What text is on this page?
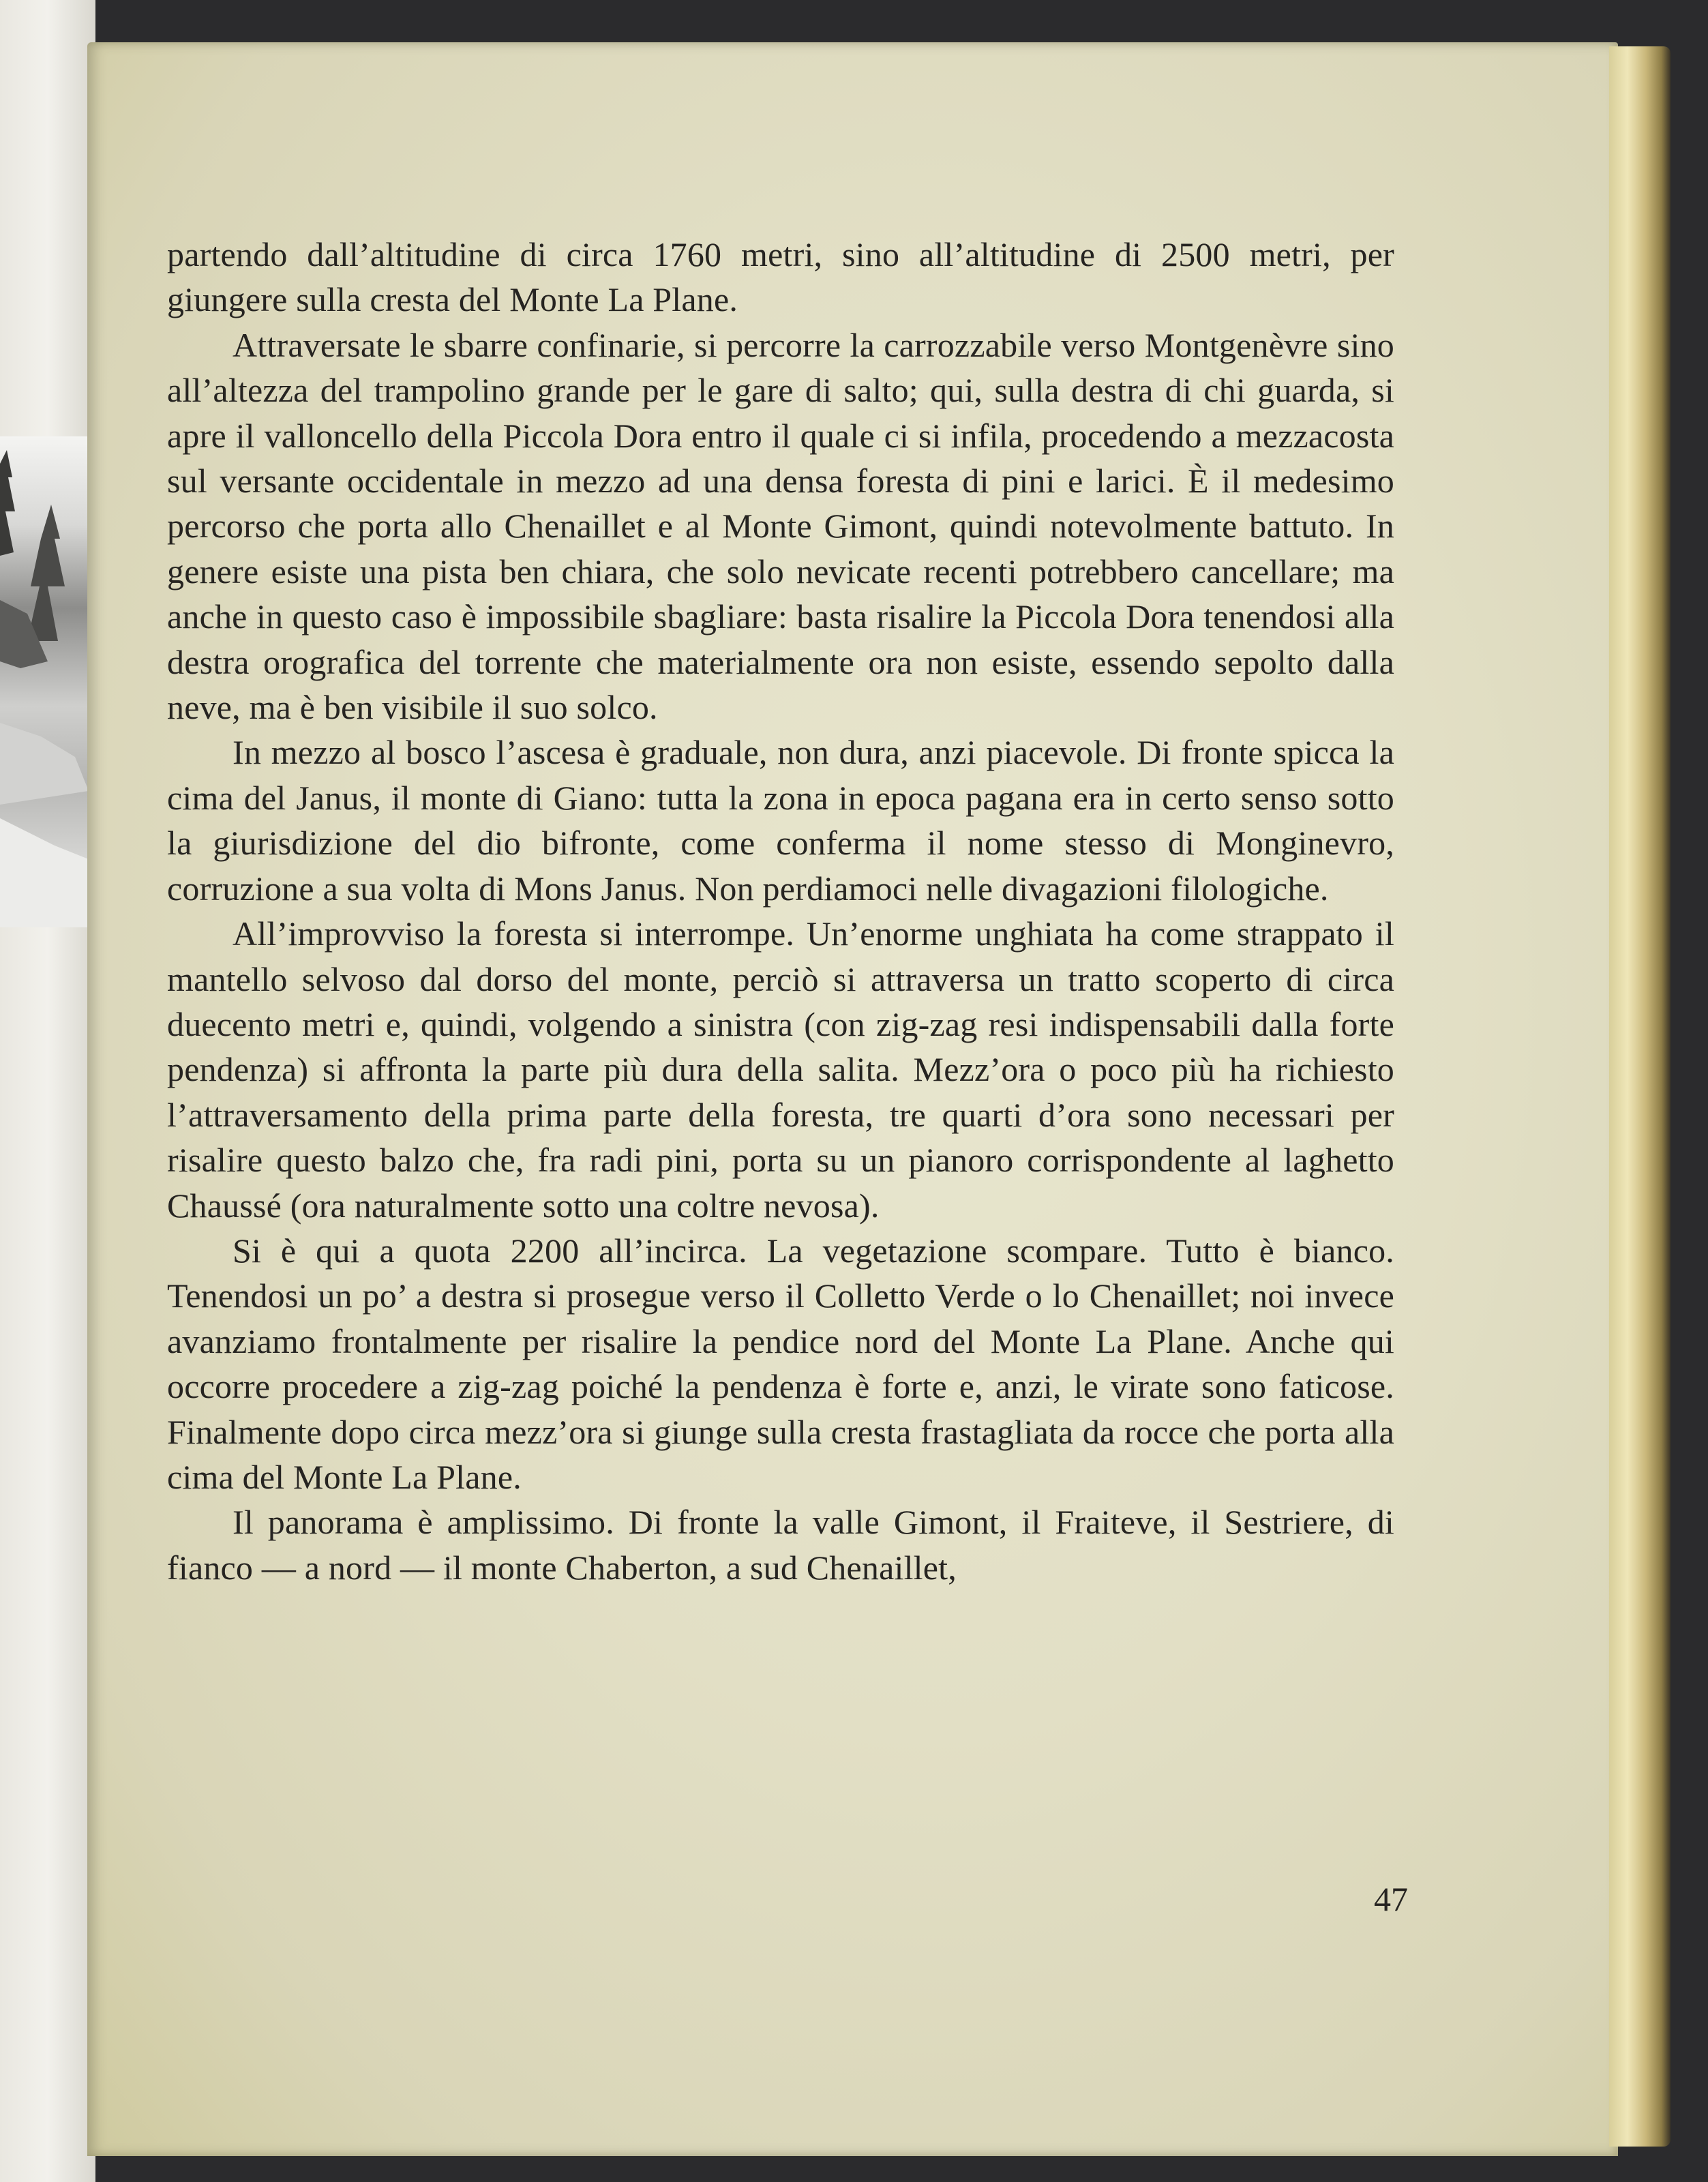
partendo dall’altitudine di circa 1760 metri, sino all’altitudine di 2500 metri, per giungere sulla cresta del Monte La Plane.

Attraversate le sbarre confinarie, si percorre la carrozzabile verso Montgenèvre sino all’altezza del trampolino grande per le gare di salto; qui, sulla destra di chi guarda, si apre il valloncello della Piccola Dora entro il quale ci si infila, procedendo a mezzacosta sul versante occidentale in mezzo ad una densa foresta di pini e larici. È il medesimo percorso che porta allo Chenaillet e al Monte Gimont, quindi notevolmente battuto. In genere esiste una pista ben chiara, che solo nevicate recenti potrebbero cancellare; ma anche in questo caso è impossibile sbagliare: basta risalire la Piccola Dora tenendosi alla destra orografica del torrente che materialmente ora non esiste, essendo sepolto dalla neve, ma è ben visibile il suo solco.

In mezzo al bosco l’ascesa è graduale, non dura, anzi piacevole. Di fronte spicca la cima del Janus, il monte di Giano: tutta la zona in epoca pagana era in certo senso sotto la giurisdizione del dio bifronte, come conferma il nome stesso di Monginevro, corruzione a sua volta di Mons Janus. Non perdiamoci nelle divagazioni filologiche.

All’improvviso la foresta si interrompe. Un’enorme unghiata ha come strappato il mantello selvoso dal dorso del monte, perciò si attraversa un tratto scoperto di circa duecento metri e, quindi, volgendo a sinistra (con zig-zag resi indispensabili dalla forte pendenza) si affronta la parte più dura della salita. Mezz’ora o poco più ha richiesto l’attraversamento della prima parte della foresta, tre quarti d’ora sono necessari per risalire questo balzo che, fra radi pini, porta su un pianoro corrispondente al laghetto Chaussé (ora naturalmente sotto una coltre nevosa).

Si è qui a quota 2200 all’incirca. La vegetazione scompare. Tutto è bianco. Tenendosi un po’ a destra si prosegue verso il Colletto Verde o lo Chenaillet; noi invece avanziamo frontalmente per risalire la pendice nord del Monte La Plane. Anche qui occorre procedere a zig-zag poiché la pendenza è forte e, anzi, le virate sono faticose. Finalmente dopo circa mezz’ora si giunge sulla cresta frastagliata da rocce che porta alla cima del Monte La Plane.

Il panorama è amplissimo. Di fronte la valle Gimont, il Fraiteve, il Sestriere, di fianco — a nord — il monte Chaberton, a sud Chenaillet,

47
